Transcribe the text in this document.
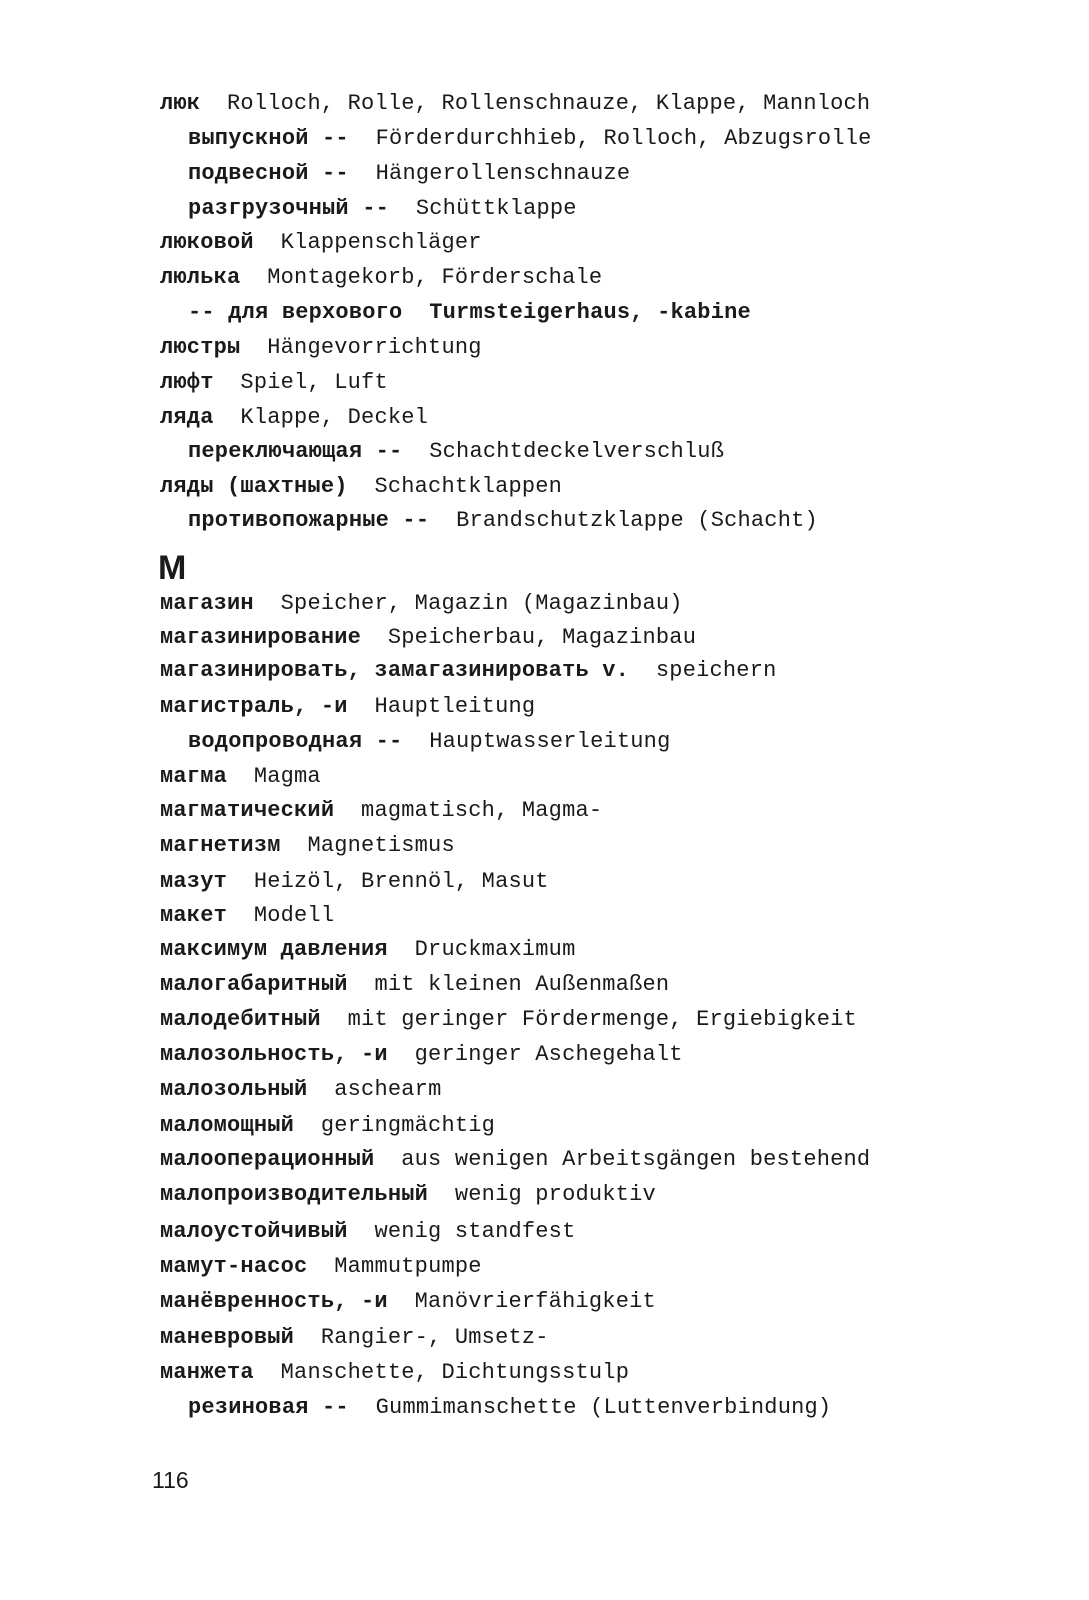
люк Rolloch, Rolle, Rollenschnauze, Klappe, Mannloch
выпускной -- Förderdurchhieb, Rolloch, Abzugsrolle
подвесной -- Hängerollenschnauze
разгрузочный -- Schüttklappe
люковой Klappenschläger
люлька Montagekorb, Förderschale
-- для верхового Turmsteigerhaus, -kabine
люстры Hängevorrichtung
люфт Spiel, Luft
ляда Klappe, Deckel
переключающая -- Schachtdeckelverschluß
ляды (шахтные) Schachtklappen
противопожарные -- Brandschutzklappe (Schacht)
M
магазин Speicher, Magazin (Magazinbau)
магазинирование Speicherbau, Magazinbau
магазинировать, замагазинировать v. speichern
магистраль, -и Hauptleitung
водопроводная -- Hauptwasserleitung
магма Magma
магматический magmatisch, Magma-
магнетизм Magnetismus
мазут Heizöl, Brennöl, Masut
макет Modell
максимум давления Druckmaximum
малогабаритный mit kleinen Außenmaßen
малодебитный mit geringer Fördermenge, Ergiebigkeit
малозольность, -и geringer Aschegehalt
малозольный aschearm
маломощный geringmächtig
малооперационный aus wenigen Arbeitsgängen bestehend
малопроизводительный wenig produktiv
малоустойчивый wenig standfest
мамут-насос Mammutpumpe
манёвренность, -и Manövrierfähigkeit
маневровый Rangier-, Umsetz-
манжета Manschette, Dichtungsstulp
резиновая -- Gummimanschette (Luttenverbindung)
116
